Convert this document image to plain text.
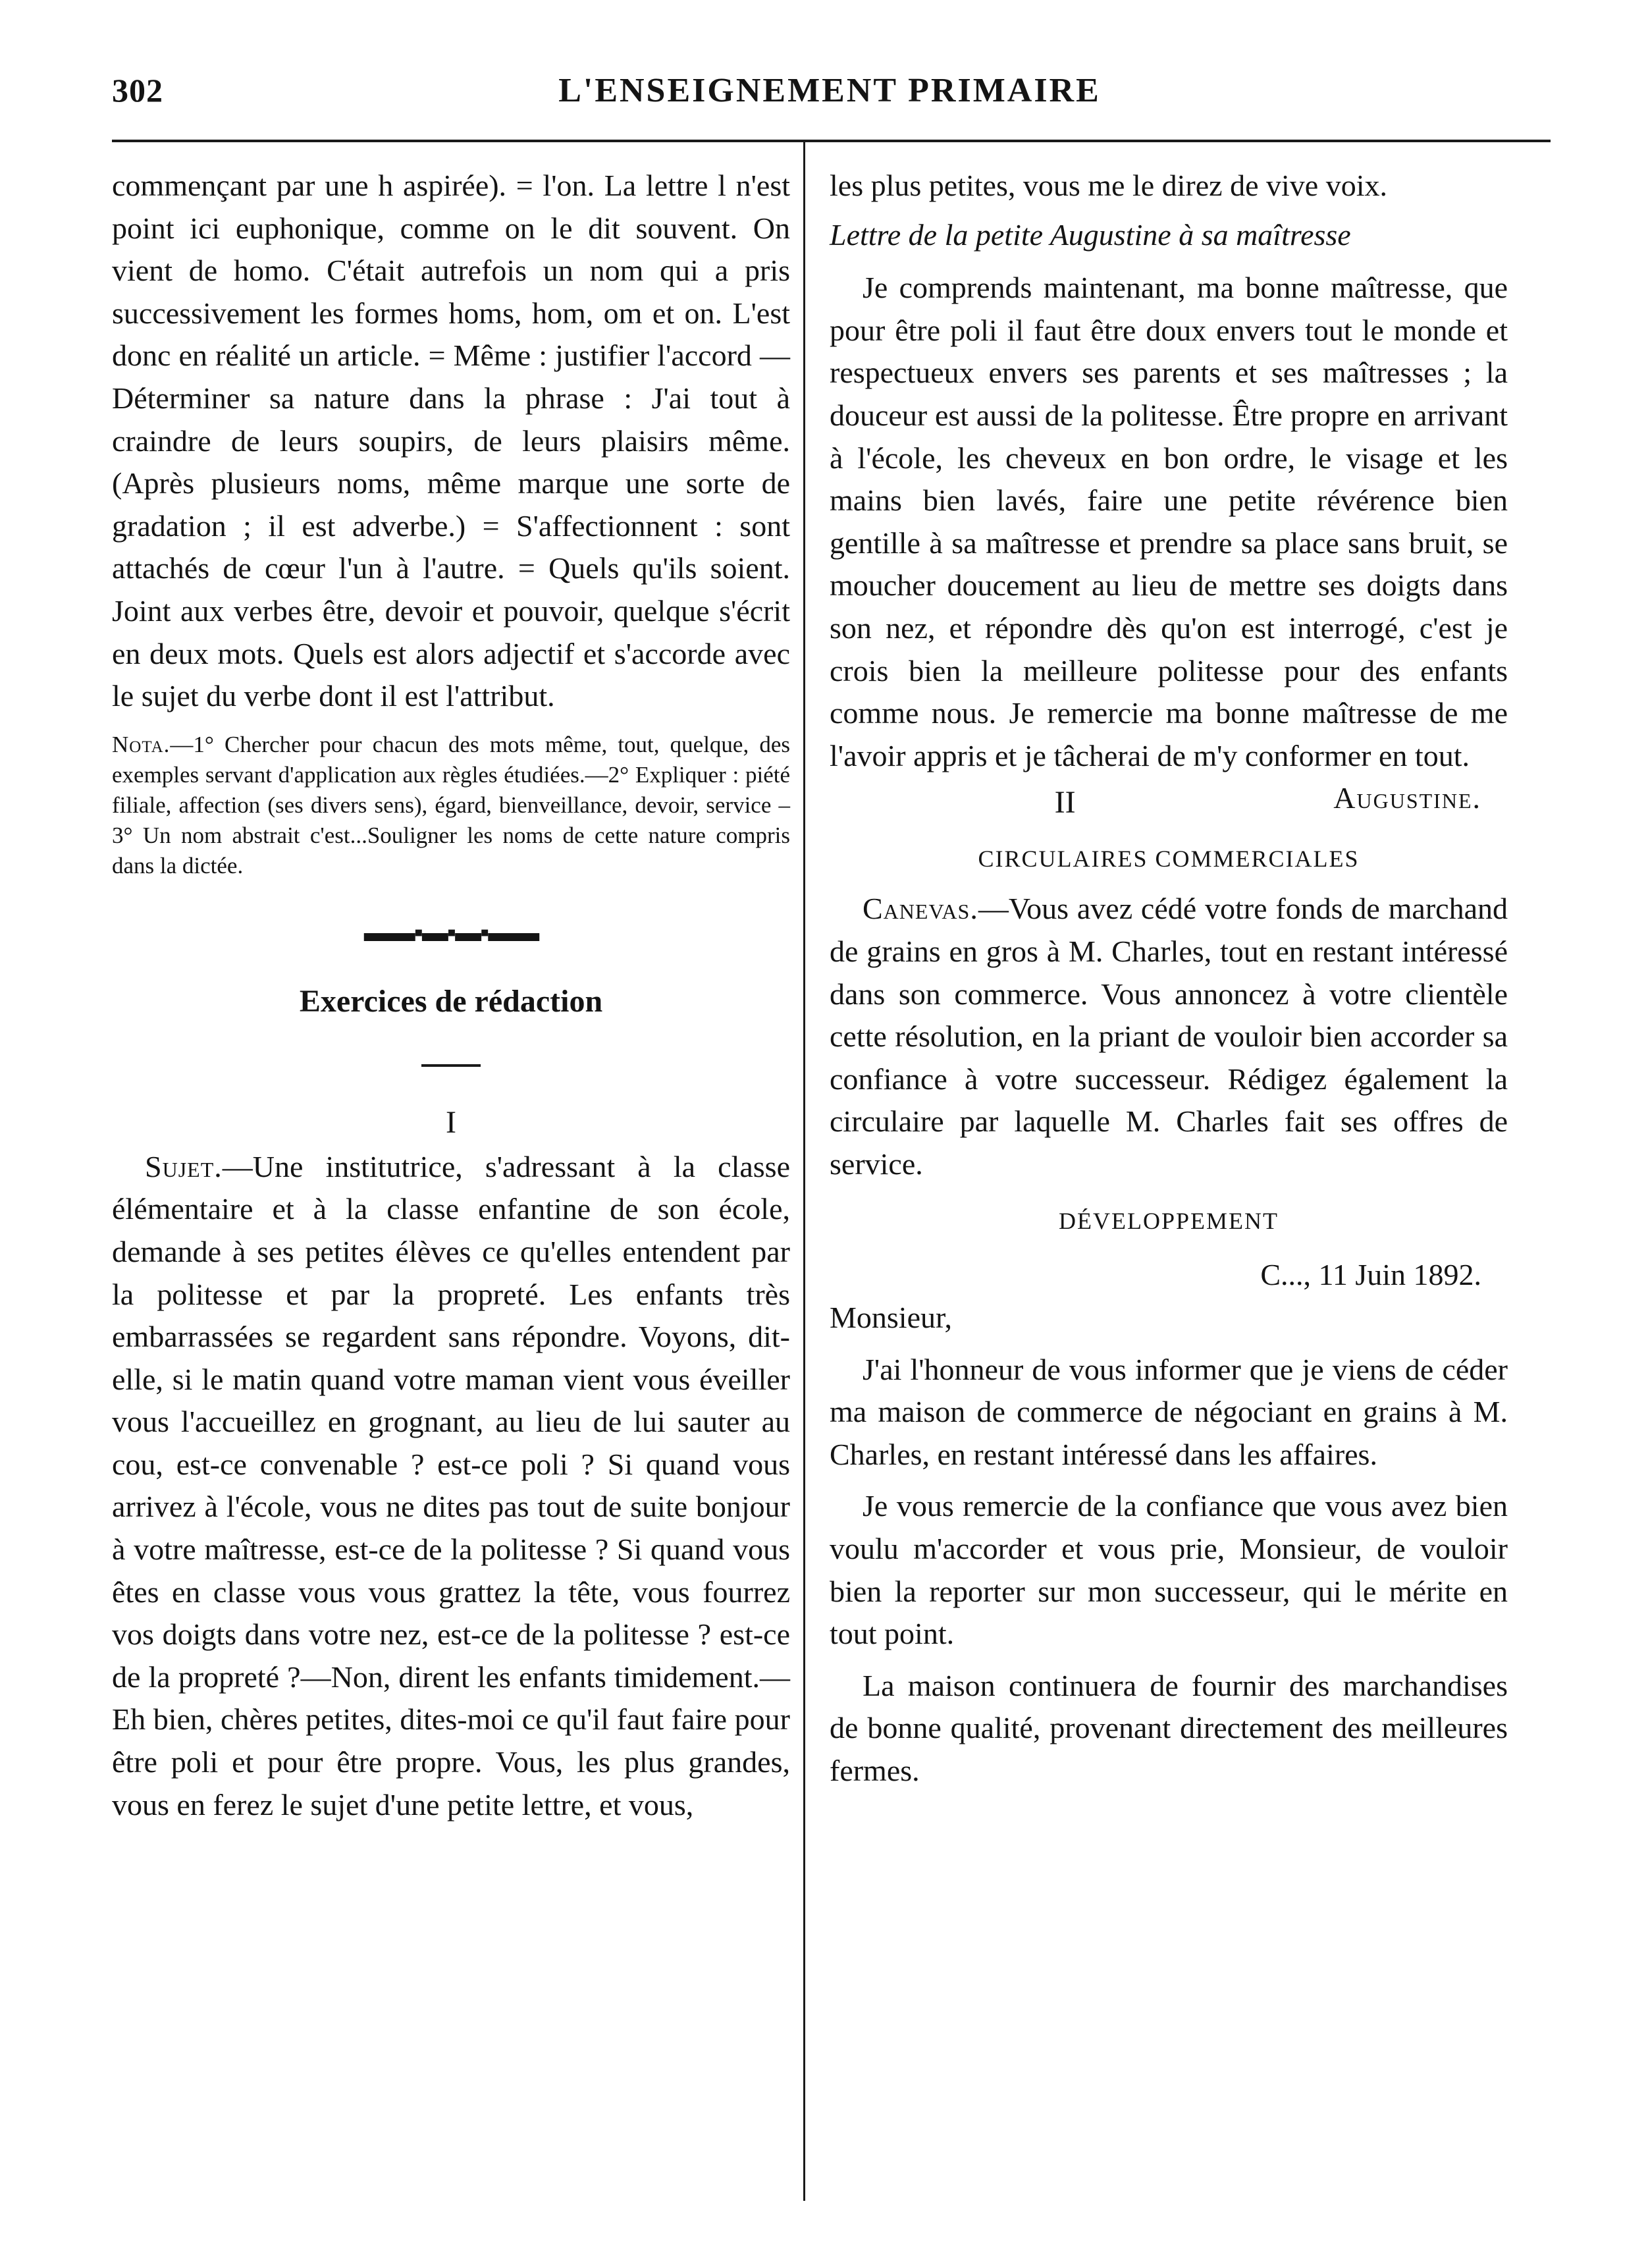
302	L'ENSEIGNEMENT PRIMAIRE

commençant par une h aspirée). = l'on. La lettre l n'est point ici euphonique, comme on le dit souvent. On vient de homo. C'était autrefois un nom qui a pris successivement les formes homs, hom, om et on. L'est donc en réalité un article. = Même : justifier l'accord —Déterminer sa nature dans la phrase : J'ai tout à craindre de leurs soupirs, de leurs plaisirs même. (Après plusieurs noms, même marque une sorte de gradation ; il est adverbe.) = S'affectionnent : sont attachés de cœur l'un à l'autre. = Quels qu'ils soient. Joint aux verbes être, devoir et pouvoir, quelque s'écrit en deux mots. Quels est alors adjectif et s'accorde avec le sujet du verbe dont il est l'attribut.

Nota.—1° Chercher pour chacun des mots même, tout, quelque, des exemples servant d'application aux règles étudiées.—2° Expliquer : piété filiale, affection (ses divers sens), égard, bienveillance, devoir, service – 3° Un nom abstrait c'est...Souligner les noms de cette nature compris dans la dictée.

▬▬▪▬▪▬▪▬▬
Exercices de rédaction
I

Sujet.—Une institutrice, s'adressant à la classe élémentaire et à la classe enfantine de son école, demande à ses petites élèves ce qu'elles entendent par la politesse et par la propreté. Les enfants très embarrassées se regardent sans répondre. Voyons, dit-elle, si le matin quand votre maman vient vous éveiller vous l'accueillez en grognant, au lieu de lui sauter au cou, est-ce convenable ? est-ce poli ? Si quand vous arrivez à l'école, vous ne dites pas tout de suite bonjour à votre maîtresse, est-ce de la politesse ? Si quand vous êtes en classe vous vous grattez la tête, vous fourrez vos doigts dans votre nez, est-ce de la politesse ? est-ce de la propreté ?—Non, dirent les enfants timidement.—Eh bien, chères petites, dites-moi ce qu'il faut faire pour être poli et pour être propre. Vous, les plus grandes, vous en ferez le sujet d'une petite lettre, et vous,

les plus petites, vous me le direz de vive voix.

Lettre de la petite Augustine à sa maîtresse

Je comprends maintenant, ma bonne maîtresse, que pour être poli il faut être doux envers tout le monde et respectueux envers ses parents et ses maîtresses ; la douceur est aussi de la politesse. Être propre en arrivant à l'école, les cheveux en bon ordre, le visage et les mains bien lavés, faire une petite révérence bien gentille à sa maîtresse et prendre sa place sans bruit, se moucher doucement au lieu de mettre ses doigts dans son nez, et répondre dès qu'on est interrogé, c'est je crois bien la meilleure politesse pour des enfants comme nous. Je remercie ma bonne maîtresse de me l'avoir appris et je tâcherai de m'y conformer en tout.
Augustine.

II
CIRCULAIRES COMMERCIALES

Canevas.—Vous avez cédé votre fonds de marchand de grains en gros à M. Charles, tout en restant intéressé dans son commerce. Vous annoncez à votre clientèle cette résolution, en la priant de vouloir bien accorder sa confiance à votre successeur. Rédigez également la circulaire par laquelle M. Charles fait ses offres de service.

DÉVELOPPEMENT

C..., 11 Juin 1892.

Monsieur,

J'ai l'honneur de vous informer que je viens de céder ma maison de commerce de négociant en grains à M. Charles, en restant intéressé dans les affaires.

Je vous remercie de la confiance que vous avez bien voulu m'accorder et vous prie, Monsieur, de vouloir bien la reporter sur mon successeur, qui le mérite en tout point.

La maison continuera de fournir des marchandises de bonne qualité, provenant directement des meilleures fermes.
